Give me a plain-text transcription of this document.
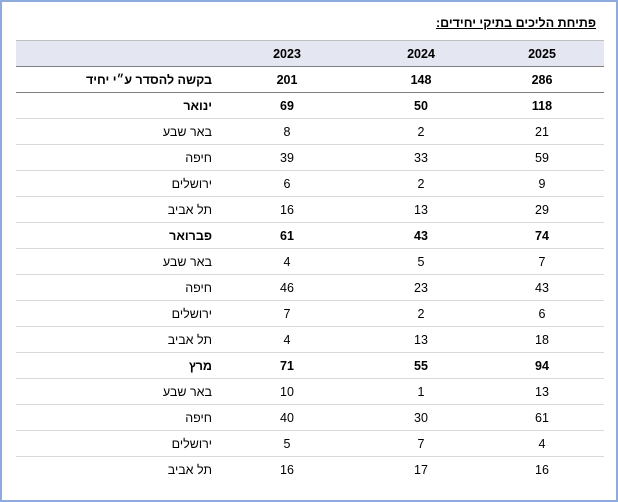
פתיחת הליכים בתיקי יחידים:
2025	2024	2023	
286	148	201	בקשה להסדר ע״י יחיד
118	50	69	ינואר
21	2	8	באר שבע
59	33	39	חיפה
9	2	6	ירושלים
29	13	16	תל אביב
74	43	61	פברואר
7	5	4	באר שבע
43	23	46	חיפה
6	2	7	ירושלים
18	13	4	תל אביב
94	55	71	מרץ
13	1	10	באר שבע
61	30	40	חיפה
4	7	5	ירושלים
16	17	16	תל אביב
